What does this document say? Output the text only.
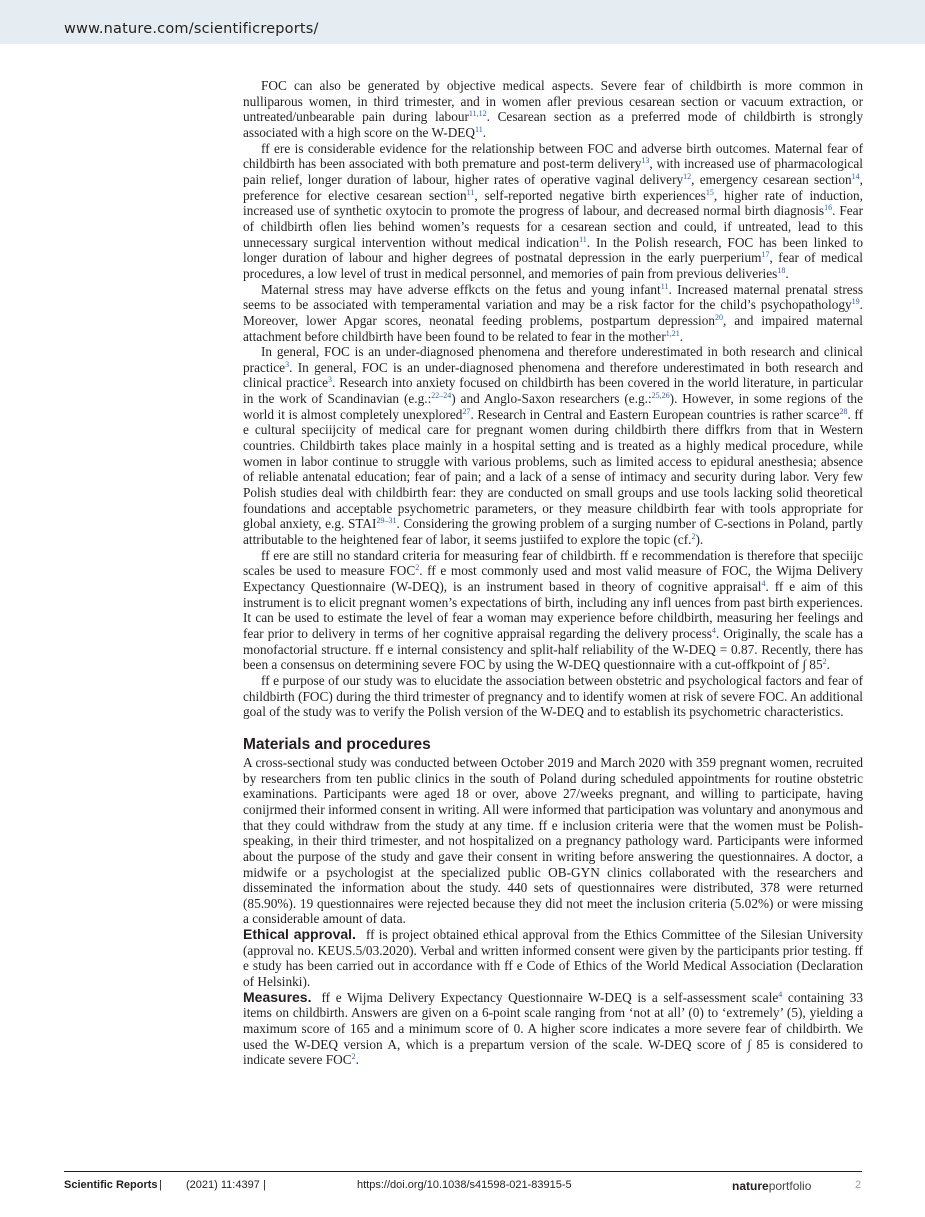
www.nature.com/scientificreports/

FOC can also be generated by objective medical aspects. Severe fear of childbirth is more common in nulliparous women, in third trimester, and in women afler previous cesarean section or vacuum extraction, or untreated/unbearable pain during labour$^{11,12}$. Cesarean section as a preferred mode of childbirth is strongly associated with a high score on the W-DEQ$^{11}$.

ff ere is considerable evidence for the relationship between FOC and adverse birth outcomes. Maternal fear of childbirth has been associated with both premature and post-term delivery$^{13}$, with increased use of pharmacological pain relief, longer duration of labour, higher rates of operative vaginal delivery$^{12}$, emergency cesarean section$^{14}$, preference for elective cesarean section$^{11}$, self-reported negative birth experiences$^{15}$, higher rate of induction, increased use of synthetic oxytocin to promote the progress of labour, and decreased normal birth diagnosis$^{16}$. Fear of childbirth oflen lies behind women’s requests for a cesarean section and could, if untreated, lead to this unnecessary surgical intervention without medical indication$^{11}$. In the Polish research, FOC has been linked to longer duration of labour and higher degrees of postnatal depression in the early puerperium$^{17}$, fear of medical procedures, a low level of trust in medical personnel, and memories of pain from previous deliveries$^{18}$.

Maternal stress may have adverse effkcts on the fetus and young infant$^{11}$. Increased maternal prenatal stress seems to be associated with temperamental variation and may be a risk factor for the child’s psychopathology$^{19}$. Moreover, lower Apgar scores, neonatal feeding problems, postpartum depression$^{20}$, and impaired maternal attachment before childbirth have been found to be related to fear in the mother$^{1,21}$.

In general, FOC is an under-diagnosed phenomena and therefore underestimated in both research and clinical practice$^3$. In general, FOC is an under-diagnosed phenomena and therefore underestimated in both research and clinical practice$^3$. Research into anxiety focused on childbirth has been covered in the world literature, in particular in the work of Scandinavian (e.g.:$^{22-24}$) and Anglo-Saxon researchers (e.g.:$^{25,26}$). However, in some regions of the world it is almost completely unexplored$^{27}$. Research in Central and Eastern European countries is rather scarce$^{28}$. ff e cultural speciijcity of medical care for pregnant women during childbirth there diffkrs from that in Western countries. Childbirth takes place mainly in a hospital setting and is treated as a highly medical procedure, while women in labor continue to struggle with various problems, such as limited access to epidural anesthesia; absence of reliable antenatal education; fear of pain; and a lack of a sense of intimacy and security during labor. Very few Polish studies deal with childbirth fear: they are conducted on small groups and use tools lacking solid theoretical foundations and acceptable psychometric parameters, or they measure childbirth fear with tools appropriate for global anxiety, e.g. STAI$^{29-31}$. Considering the growing problem of a surging number of C-sections in Poland, partly attributable to the heightened fear of labor, it seems justiifed to explore the topic (cf.$^2$).

ff ere are still no standard criteria for measuring fear of childbirth. ff e recommendation is therefore that speciijc scales be used to measure FOC$^2$. ff e most commonly used and most valid measure of FOC, the Wijma Delivery Expectancy Questionnaire (W-DEQ), is an instrument based in theory of cognitive appraisal$^4$. ff e aim of this instrument is to elicit pregnant women’s expectations of birth, including any infl uences from past birth experiences. It can be used to estimate the level of fear a woman may experience before childbirth, measuring her feelings and fear prior to delivery in terms of her cognitive appraisal regarding the delivery process$^4$. Originally, the scale has a monofactorial structure. ff e internal consistency and split-half reliability of the W-DEQ = 0.87. Recently, there has been a consensus on determining severe FOC by using the W-DEQ questionnaire with a cut-offkpoint of ∫ $85^2$.

ff e purpose of our study was to elucidate the association between obstetric and psychological factors and fear of childbirth (FOC) during the third trimester of pregnancy and to identify women at risk of severe FOC. An additional goal of the study was to verify the Polish version of the W-DEQ and to establish its psychometric characteristics.

Materials and procedures

A cross-sectional study was conducted between October 2019 and March 2020 with 359 pregnant women, recruited by researchers from ten public clinics in the south of Poland during scheduled appointments for routine obstetric examinations. Participants were aged 18 or over, above 27/weeks pregnant, and willing to participate, having conijrmed their informed consent in writing. All were informed that participation was voluntary and anonymous and that they could withdraw from the study at any time. ff e inclusion criteria were that the women must be Polish-speaking, in their third trimester, and not hospitalized on a pregnancy pathology ward. Participants were informed about the purpose of the study and gave their consent in writing before answering the questionnaires. A doctor, a midwife or a psychologist at the specialized public OB-GYN clinics collaborated with the researchers and disseminated the information about the study. 440 sets of questionnaires were distributed, 378 were returned (85.90%). 19 questionnaires were rejected because they did not meet the inclusion criteria (5.02%) or were missing a considerable amount of data.

Ethical approval. ff is project obtained ethical approval from the Ethics Committee of the Silesian University (approval no. KEUS.5/03.2020). Verbal and written informed consent were given by the participants prior testing. ff e study has been carried out in accordance with ff e Code of Ethics of the World Medical Association (Declaration of Helsinki).

Measures. ff e Wijma Delivery Expectancy Questionnaire W-DEQ is a self-assessment scale$^4$ containing 33 items on childbirth. Answers are given on a 6-point scale ranging from ‘not at all’ (0) to ‘extremely’ (5), yielding a maximum score of 165 and a minimum score of 0. A higher score indicates a more severe fear of childbirth. We used the W-DEQ version A, which is a prepartum version of the scale. W-DEQ score of ∫ 85 is considered to indicate severe FOC$^2$.

Scientific Reports | (2021) 11:4397 |	https://doi.org/10.1038/s41598-021-83915-5	natureportfolio	2
